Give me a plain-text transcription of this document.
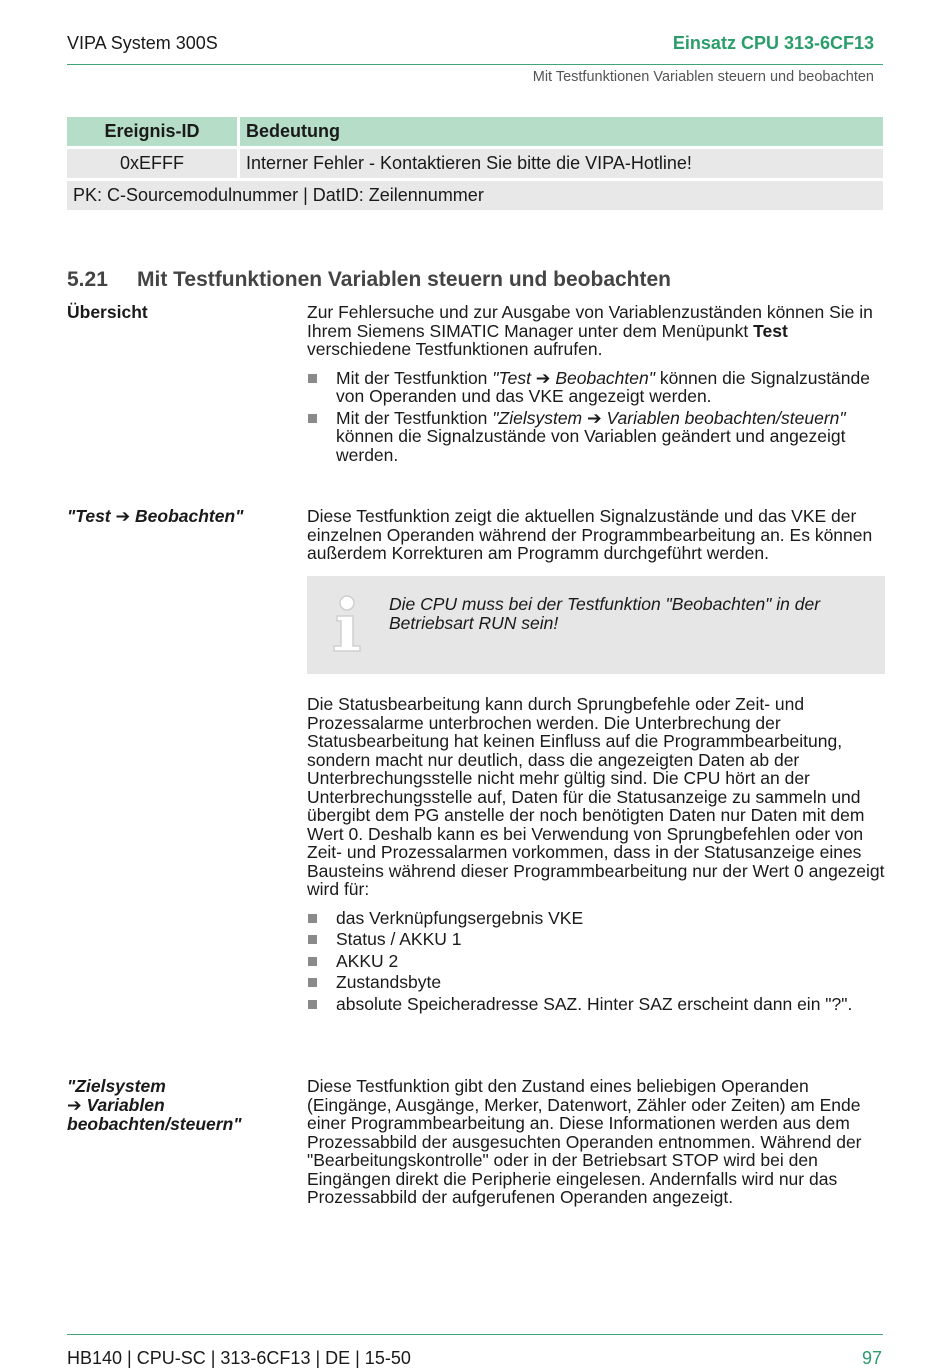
VIPA System 300S	Einsatz CPU 313-6CF13
Mit Testfunktionen Variablen steuern und beobachten
Ereignis-ID	Bedeutung
0xEFFF	Interner Fehler - Kontaktieren Sie bitte die VIPA-Hotline!
PK: C-Sourcemodulnummer | DatID: Zeilennummer
5.21 Mit Testfunktionen Variablen steuern und beobachten
Übersicht	Zur Fehlersuche und zur Ausgabe von Variablenzuständen können Sie in Ihrem Siemens SIMATIC Manager unter dem Menüpunkt Test verschiedene Testfunktionen aufrufen.

Mit der Testfunktion "Test ➔ Beobachten" können die Signalzustände von Operanden und das VKE angezeigt werden.
Mit der Testfunktion "Zielsystem ➔ Variablen beobachten/steuern" können die Signalzustände von Variablen geändert und angezeigt werden.
"Test ➔ Beobachten"	Diese Testfunktion zeigt die aktuellen Signalzustände und das VKE der einzelnen Operanden während der Programmbearbeitung an. Es können außerdem Korrekturen am Programm durchgeführt werden.

Die CPU muss bei der Testfunktion "Beobachten" in der Betriebsart RUN sein!

Die Statusbearbeitung kann durch Sprungbefehle oder Zeit- und Prozessalarme unterbrochen werden. Die Unterbrechung der Statusbearbeitung hat keinen Einfluss auf die Programmbearbeitung, sondern macht nur deutlich, dass die angezeigten Daten ab der Unterbrechungsstelle nicht mehr gültig sind. Die CPU hört an der Unterbrechungsstelle auf, Daten für die Statusanzeige zu sammeln und übergibt dem PG anstelle der noch benötigten Daten nur Daten mit dem Wert 0. Deshalb kann es bei Verwendung von Sprungbefehlen oder von Zeit- und Prozessalarmen vorkommen, dass in der Statusanzeige eines Bausteins während dieser Programmbearbeitung nur der Wert 0 angezeigt wird für:

das Verknüpfungsergebnis VKE
Status / AKKU 1
AKKU 2
Zustandsbyte
absolute Speicheradresse SAZ. Hinter SAZ erscheint dann ein "?".
"Zielsystem
➔ Variablen
beobachten/steuern"

Diese Testfunktion gibt den Zustand eines beliebigen Operanden (Eingänge, Ausgänge, Merker, Datenwort, Zähler oder Zeiten) am Ende einer Programmbearbeitung an. Diese Informationen werden aus dem Prozessabbild der ausgesuchten Operanden entnommen. Während der "Bearbeitungskontrolle" oder in der Betriebsart STOP wird bei den Eingängen direkt die Peripherie eingelesen. Andernfalls wird nur das Prozessabbild der aufgerufenen Operanden angezeigt.

HB140 | CPU-SC | 313-6CF13 | DE | 15-50	97
